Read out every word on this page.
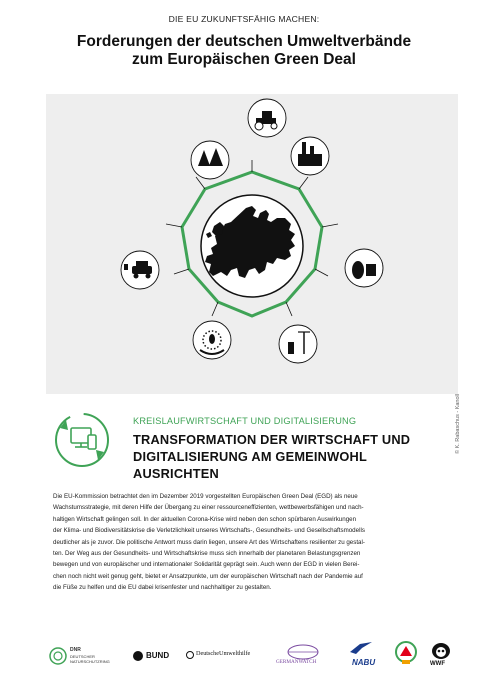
DIE EU ZUKUNFTSFÄHIG MACHEN:
Forderungen der deutschen Umweltverbände
zum Europäischen Green Deal
© K. Rabaschus - Kanoll
KREISLAUFWIRTSCHAFT UND DIGITALISIERUNG
TRANSFORMATION DER WIRTSCHAFT UND
DIGITALISIERUNG AM GEMEINWOHL AUSRICHTEN

Die EU-Kommission betrachtet den im Dezember 2019 vorgestellten Europäischen Green Deal (EGD) als neue

Wachstumsstrategie, mit deren Hilfe der Übergang zu einer ressourceneffizienten, wettbewerbsfähigen und nach-

haltigen Wirtschaft gelingen soll. In der aktuellen Corona-Krise wird neben den schon spürbaren Auswirkungen

der Klima- und Biodiversitätskrise die Verletzlichkeit unseres Wirtschafts-, Gesundheits- und Gesellschaftsmodells

deutlicher als je zuvor. Die politische Antwort muss darin liegen, unsere Art des Wirtschaftens resilienter zu gestal-

ten. Der Weg aus der Gesundheits- und Wirtschaftskrise muss sich innerhalb der planetaren Belastungsgrenzen

bewegen und von europäischer und internationaler Solidarität geprägt sein. Auch wenn der EGD in vielen Berei-

chen noch nicht weit genug geht, bietet er Ansatzpunkte, um der europäischen Wirtschaft nach der Pandemie auf

die Füße zu helfen und die EU dabei krisenfester und nachhaltiger zu gestalten.

DNR
DEUTSCHER
NATURSCHUTZRING
BUND	DeutscheUmwelthilfe
GERMANWATCH	NABU	WWF
